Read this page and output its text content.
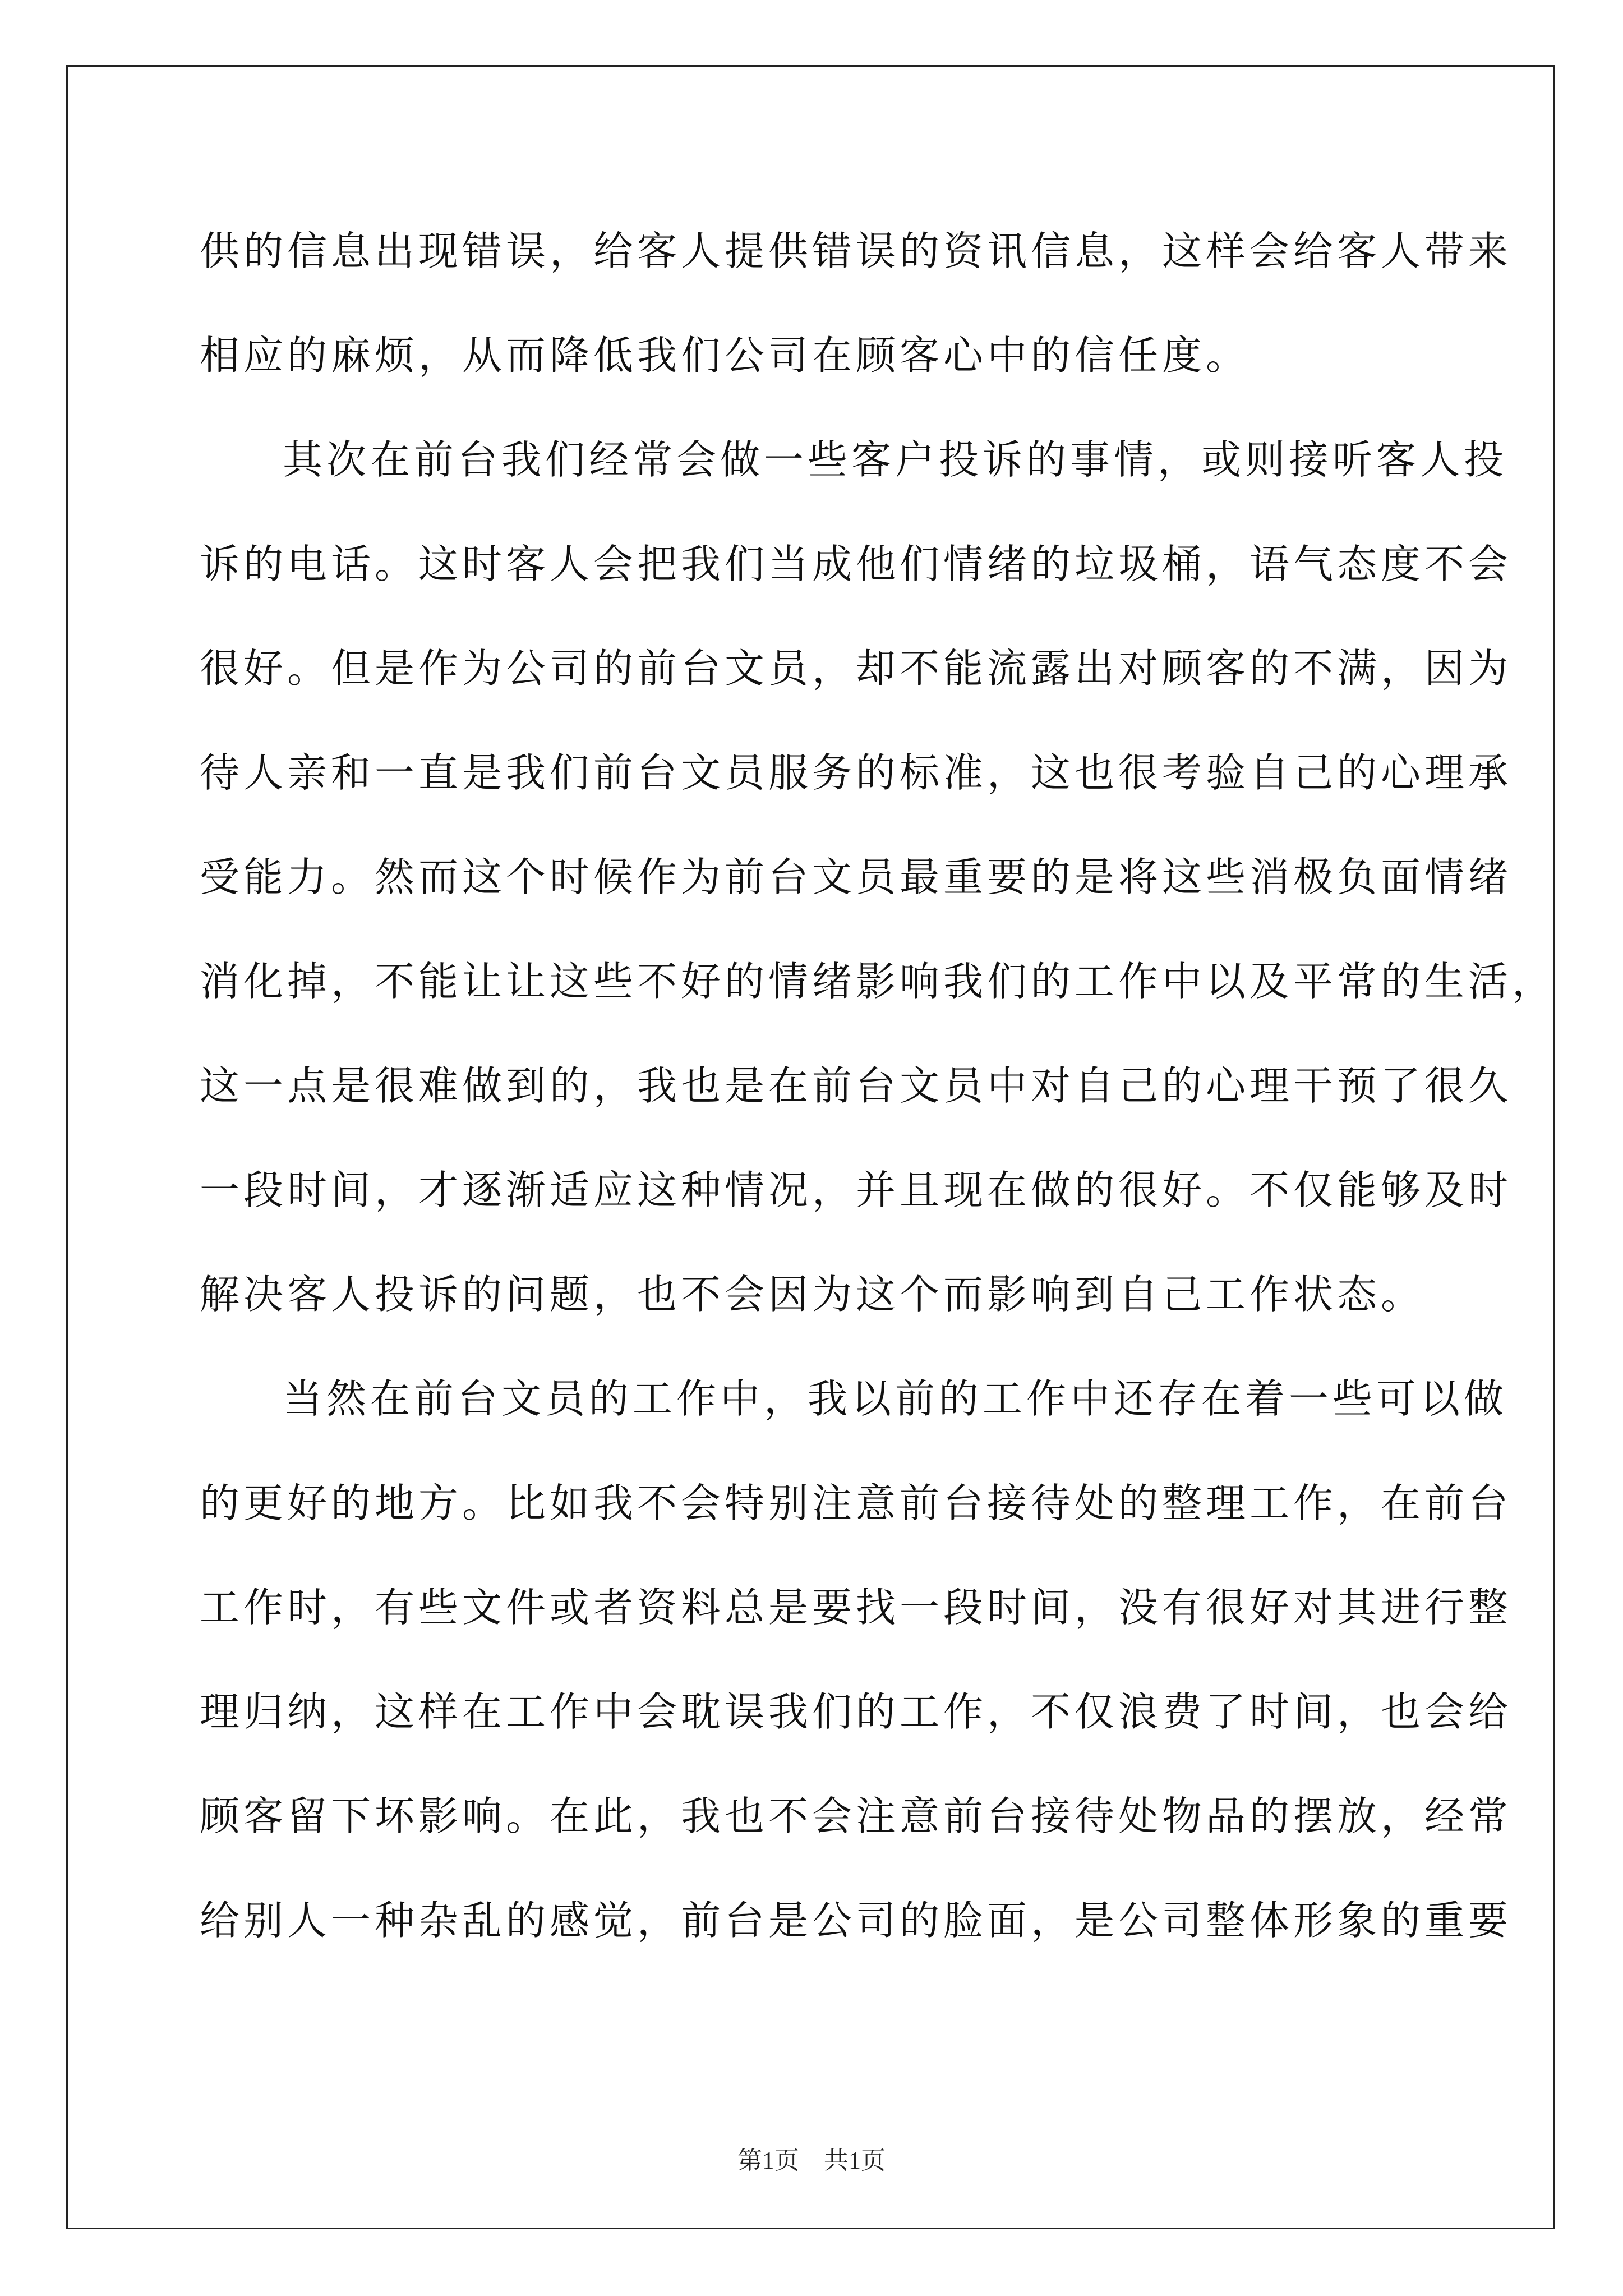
供的信息出现错误，给客人提供错误的资讯信息，这样会给客人带来
相应的麻烦，从而降低我们公司在顾客心中的信任度。
其次在前台我们经常会做一些客户投诉的事情，或则接听客人投
诉的电话。这时客人会把我们当成他们情绪的垃圾桶，语气态度不会
很好。但是作为公司的前台文员，却不能流露出对顾客的不满，因为
待人亲和一直是我们前台文员服务的标准，这也很考验自己的心理承
受能力。然而这个时候作为前台文员最重要的是将这些消极负面情绪
消化掉，不能让让这些不好的情绪影响我们的工作中以及平常的生活，
这一点是很难做到的，我也是在前台文员中对自己的心理干预了很久
一段时间，才逐渐适应这种情况，并且现在做的很好。不仅能够及时
解决客人投诉的问题，也不会因为这个而影响到自己工作状态。
当然在前台文员的工作中，我以前的工作中还存在着一些可以做
的更好的地方。比如我不会特别注意前台接待处的整理工作，在前台
工作时，有些文件或者资料总是要找一段时间，没有很好对其进行整
理归纳，这样在工作中会耽误我们的工作，不仅浪费了时间，也会给
顾客留下坏影响。在此，我也不会注意前台接待处物品的摆放，经常
给别人一种杂乱的感觉，前台是公司的脸面，是公司整体形象的重要
第1页　共1页
